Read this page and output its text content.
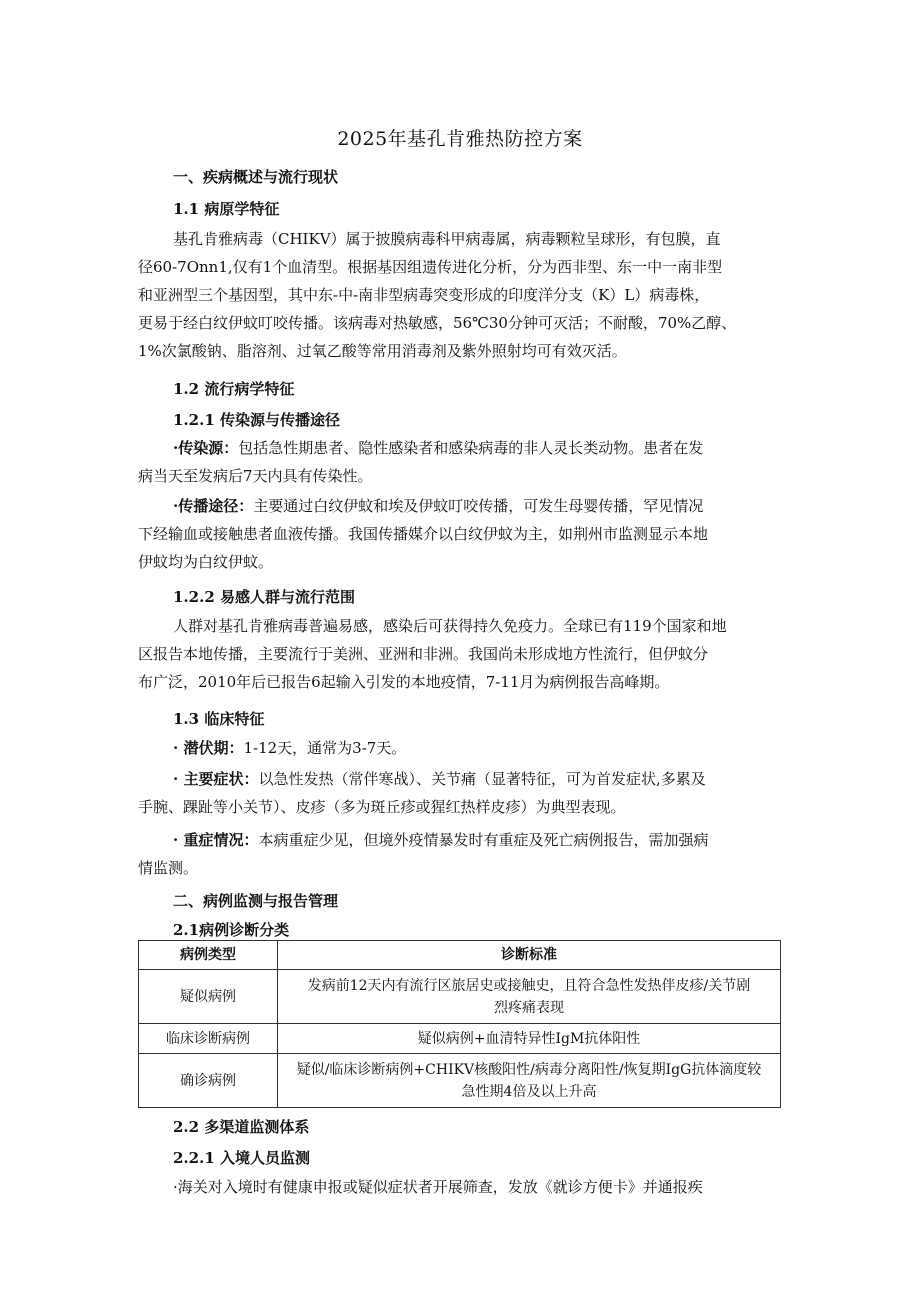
2025年基孔肯雅热防控方案
一、疾病概述与流行现状
1.1 病原学特征
基孔肯雅病毒（CHIKV）属于披膜病毒科甲病毒属，病毒颗粒呈球形，有包膜，直
径60-7Onn1,仅有1个血清型。根据基因组遗传进化分析，分为西非型、东一中一南非型
和亚洲型三个基因型，其中东-中-南非型病毒突变形成的印度洋分支（K）L）病毒株，
更易于经白纹伊蚊叮咬传播。该病毒对热敏感，56℃30分钟可灭活；不耐酸，70%乙醇、
1%次氯酸钠、脂溶剂、过氧乙酸等常用消毒剂及紫外照射均可有效灭活。
1.2 流行病学特征
1.2.1 传染源与传播途径
·传染源：包括急性期患者、隐性感染者和感染病毒的非人灵长类动物。患者在发
病当天至发病后7天内具有传染性。
·传播途径：主要通过白纹伊蚊和埃及伊蚊叮咬传播，可发生母婴传播，罕见情况
下经输血或接触患者血液传播。我国传播媒介以白纹伊蚊为主，如荆州市监测显示本地
伊蚊均为白纹伊蚊。
1.2.2 易感人群与流行范围
人群对基孔肯雅病毒普遍易感，感染后可获得持久免疫力。全球已有119个国家和地
区报告本地传播，主要流行于美洲、亚洲和非洲。我国尚未形成地方性流行，但伊蚊分
布广泛，2010年后已报告6起输入引发的本地疫情，7-11月为病例报告高峰期。
1.3 临床特征
· 潜伏期：1-12天，通常为3-7天。
· 主要症状：以急性发热（常伴寒战）、关节痛（显著特征，可为首发症状,多累及
手腕、踝趾等小关节）、皮疹（多为斑丘疹或猩红热样皮疹）为典型表现。
· 重症情况：本病重症少见，但境外疫情暴发时有重症及死亡病例报告，需加强病
情监测。
二、病例监测与报告管理
2.1病例诊断分类
病例类型	诊断标准
疑似病例	发病前12天内有流行区旅居史或接触史，且符合急性发热伴皮疹/关节剧
烈疼痛表现

临床诊断病例	疑似病例+血清特异性IgM抗体阳性

确诊病例	疑似/临床诊断病例+CHIKV核酸阳性/病毒分离阳性/恢复期IgG抗体滴度较
急性期4倍及以上升高
2.2 多渠道监测体系
2.2.1 入境人员监测
·海关对入境时有健康申报或疑似症状者开展筛查，发放《就诊方便卡》并通报疾
